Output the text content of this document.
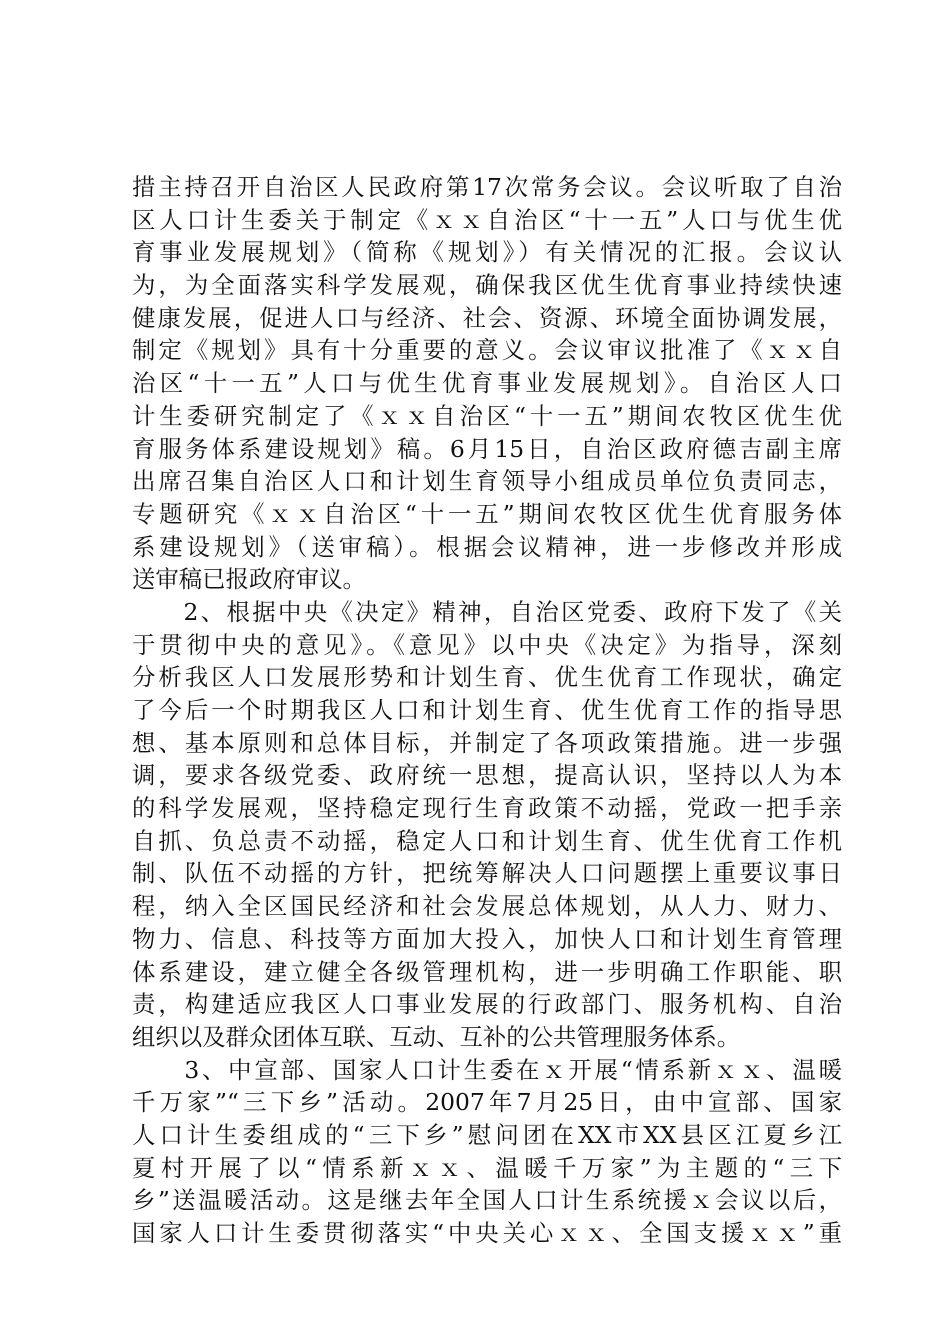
措主持召开自治区人民政府第17次常务会议。会议听取了自治
区人口计生委关于制定《ｘｘ自治区“十一五”人口与优生优
育事业发展规划》（简称《规划》）有关情况的汇报。会议认
为，为全面落实科学发展观，确保我区优生优育事业持续快速
健康发展，促进人口与经济、社会、资源、环境全面协调发展，
制定《规划》具有十分重要的意义。会议审议批准了《ｘｘ自
治区“十一五”人口与优生优育事业发展规划》。自治区人口
计生委研究制定了《ｘｘ自治区“十一五”期间农牧区优生优
育服务体系建设规划》稿。6月15日，自治区政府德吉副主席
出席召集自治区人口和计划生育领导小组成员单位负责同志，
专题研究《ｘｘ自治区“十一五”期间农牧区优生优育服务体
系建设规划》（送审稿）。根据会议精神，进一步修改并形成
送审稿已报政府审议。
　　2、根据中央《决定》精神，自治区党委、政府下发了《关
于贯彻中央的意见》。《意见》以中央《决定》为指导，深刻
分析我区人口发展形势和计划生育、优生优育工作现状，确定
了今后一个时期我区人口和计划生育、优生优育工作的指导思
想、基本原则和总体目标，并制定了各项政策措施。进一步强
调，要求各级党委、政府统一思想，提高认识，坚持以人为本
的科学发展观，坚持稳定现行生育政策不动摇，党政一把手亲
自抓、负总责不动摇，稳定人口和计划生育、优生优育工作机
制、队伍不动摇的方针，把统筹解决人口问题摆上重要议事日
程，纳入全区国民经济和社会发展总体规划，从人力、财力、
物力、信息、科技等方面加大投入，加快人口和计划生育管理
体系建设，建立健全各级管理机构，进一步明确工作职能、职
责，构建适应我区人口事业发展的行政部门、服务机构、自治
组织以及群众团体互联、互动、互补的公共管理服务体系。
　　3、中宣部、国家人口计生委在ｘ开展“情系新ｘｘ、温暖
千万家”“三下乡”活动。2007年7月25日，由中宣部、国家
人口计生委组成的“三下乡”慰问团在XX市XX县区江夏乡江
夏村开展了以“情系新ｘｘ、温暖千万家”为主题的“三下
乡”送温暖活动。这是继去年全国人口计生系统援ｘ会议以后，
国家人口计生委贯彻落实“中央关心ｘｘ、全国支援ｘｘ”重
